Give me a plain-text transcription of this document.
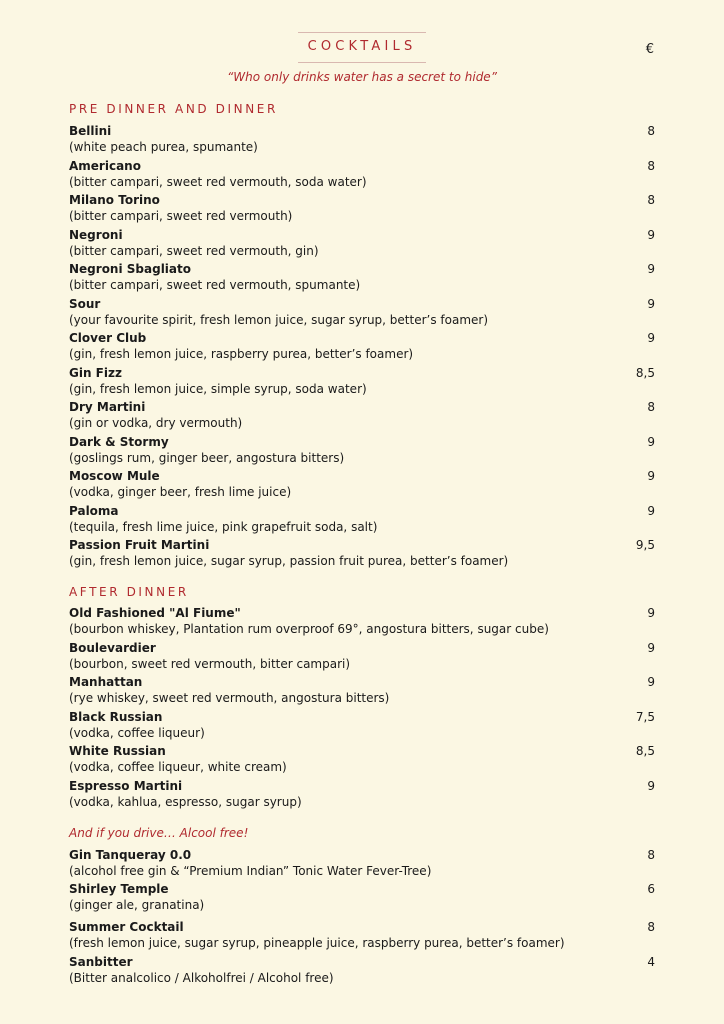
COCKTAILS	€
“Who only drinks water has a secret to hide”
PRE DINNER AND DINNER
Bellini
(white peach purea, spumante)
8
Americano
(bitter campari, sweet red vermouth, soda water)
8
Milano Torino
(bitter campari, sweet red vermouth)
8
Negroni
(bitter campari, sweet red vermouth, gin)
9
Negroni Sbagliato
(bitter campari, sweet red vermouth, spumante)
9
Sour
(your favourite spirit, fresh lemon juice, sugar syrup, better’s foamer)
9
Clover Club
(gin, fresh lemon juice, raspberry purea, better’s foamer)
9
Gin Fizz
(gin, fresh lemon juice, simple syrup, soda water)
8,5
Dry Martini
(gin or vodka, dry vermouth)
8
Dark & Stormy
(goslings rum, ginger beer, angostura bitters)
9
Moscow Mule
(vodka, ginger beer, fresh lime juice)
9
Paloma
(tequila, fresh lime juice, pink grapefruit soda, salt)
9
Passion Fruit Martini
(gin, fresh lemon juice, sugar syrup, passion fruit purea, better’s foamer)
9,5
AFTER DINNER
Old Fashioned "Al Fiume"
(bourbon whiskey, Plantation rum overproof 69°, angostura bitters, sugar cube)
9
Boulevardier
(bourbon, sweet red vermouth, bitter campari)
9
Manhattan
(rye whiskey, sweet red vermouth, angostura bitters)
9
Black Russian
(vodka, coffee liqueur)
7,5
White Russian
(vodka, coffee liqueur, white cream)
8,5
Espresso Martini
(vodka, kahlua, espresso, sugar syrup)
9
And if you drive… Alcool free!
Gin Tanqueray 0.0
(alcohol free gin & “Premium Indian” Tonic Water Fever-Tree)
8
Shirley Temple
(ginger ale, granatina)
6
Summer Cocktail
(fresh lemon juice, sugar syrup, pineapple juice, raspberry purea, better’s foamer)
8
Sanbitter
(Bitter analcolico / Alkoholfrei / Alcohol free)
4
